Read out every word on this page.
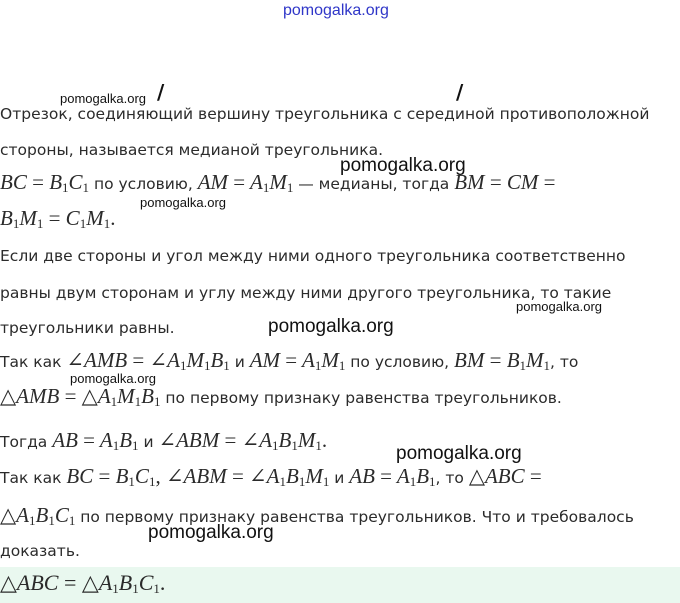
pomogalka.org
/	/
pomogalka.org
Отрезок, соединяющий вершину треугольника с серединой противоположной
стороны, называется медианой треугольника.
pomogalka.org
BC = $B_1C_1$ по условию, AM = $A_1M_1$ — медианы, тогда BM = CM =
pomogalka.org
$B_1M_1 = C_1M_1$.
Если две стороны и угол между ними одного треугольника соответственно
равны двум сторонам и углу между ними другого треугольника, то такие
pomogalka.org
треугольники равны.	pomogalka.org
Так как ∠AMB = $\angle A_1M_1B_1$ и AM = $A_1M_1$ по условию, BM = $B_1M_1$, то
pomogalka.org
△AMB = $\triangle A_1M_1B_1$ по первому признаку равенства треугольников.
Тогда AB = $A_1B_1$ и ∠ABM = $\angle A_1B_1M_1$.
pomogalka.org
Так как BC = $B_1C_1$, ∠ABM = $\angle A_1B_1M_1$ и AB = $A_1B_1$, то △ABC =
$\triangle A_1B_1C_1$ по первому признаку равенства треугольников. Что и требовалось
доказать.
pomogalka.org
△ABC = $\triangle A_1B_1C_1$.
